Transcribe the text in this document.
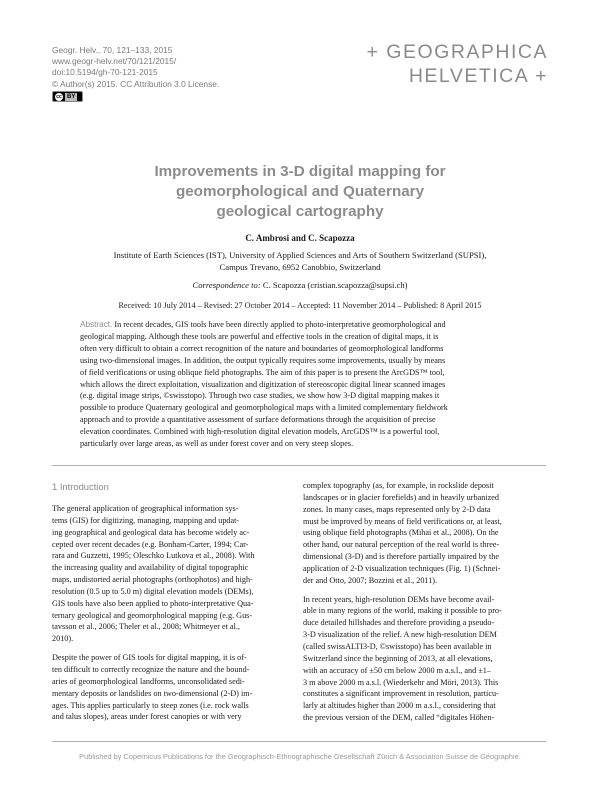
Geogr. Helv., 70, 121–133, 2015
www.geogr-helv.net/70/121/2015/
doi:10.5194/gh-70-121-2015
© Author(s) 2015. CC Attribution 3.0 License.
cc BY
+ GEOGRAPHICA
HELVETICA +
Improvements in 3-D digital mapping for
geomorphological and Quaternary
geological cartography
C. Ambrosi and C. Scapozza
Institute of Earth Sciences (IST), University of Applied Sciences and Arts of Southern Switzerland (SUPSI),
Campus Trevano, 6952 Canobbio, Switzerland
Correspondence to: C. Scapozza (cristian.scapozza@supsi.ch)
Received: 10 July 2014 – Revised: 27 October 2014 – Accepted: 11 November 2014 – Published: 8 April 2015
Abstract. In recent decades, GIS tools have been directly applied to photo-interpretative geomorphological and
geological mapping. Although these tools are powerful and effective tools in the creation of digital maps, it is
often very difficult to obtain a correct recognition of the nature and boundaries of geomorphological landforms
using two-dimensional images. In addition, the output typically requires some improvements, usually by means
of field verifications or using oblique field photographs. The aim of this paper is to present the ArcGDS™ tool,
which allows the direct exploitation, visualization and digitization of stereoscopic digital linear scanned images
(e.g. digital image strips, ©swisstopo). Through two case studies, we show how 3-D digital mapping makes it
possible to produce Quaternary geological and geomorphological maps with a limited complementary fieldwork
approach and to provide a quantitative assessment of surface deformations through the acquisition of precise
elevation coordinates. Combined with high-resolution digital elevation models, ArcGDS™ is a powerful tool,
particularly over large areas, as well as under forest cover and on very steep slopes.
1 Introduction
The general application of geographical information sys-
tems (GIS) for digitizing, managing, mapping and updat-
ing geographical and geological data has become widely ac-
cepted over recent decades (e.g. Bonham-Carter, 1994; Car-
rara and Guzzetti, 1995; Oleschko Lutkova et al., 2008). With
the increasing quality and availability of digital topographic
maps, undistorted aerial photographs (orthophotos) and high-
resolution (0.5 up to 5.0 m) digital elevation models (DEMs),
GIS tools have also been applied to photo-interpretative Qua-
ternary geological and geomorphological mapping (e.g. Gus-
tavsson et al., 2006; Theler et al., 2008; Whitmeyer et al.,
2010).
Despite the power of GIS tools for digital mapping, it is of-
ten difficult to correctly recognize the nature and the bound-
aries of geomorphological landforms, unconsolidated sedi-
mentary deposits or landslides on two-dimensional (2-D) im-
ages. This applies particularly to steep zones (i.e. rock walls
and talus slopes), areas under forest canopies or with very
complex topography (as, for example, in rockslide deposit
landscapes or in glacier forefields) and in heavily urbanized
zones. In many cases, maps represented only by 2-D data
must be improved by means of field verifications or, at least,
using oblique field photographs (Mihai et al., 2008). On the
other hand, our natural perception of the real world is three-
dimensional (3-D) and is therefore partially impaired by the
application of 2-D visualization techniques (Fig. 1) (Schnei-
der and Otto, 2007; Bozzini et al., 2011).
In recent years, high-resolution DEMs have become avail-
able in many regions of the world, making it possible to pro-
duce detailed hillshades and therefore providing a pseudo-
3-D visualization of the relief. A new high-resolution DEM
(called swissALTI3-D, ©swisstopo) has been available in
Switzerland since the beginning of 2013, at all elevations,
with an accuracy of ±50 cm below 2000 m a.s.l., and ±1–
3 m above 2000 m a.s.l. (Wiederkehr and Möri, 2013). This
constitutes a significant improvement in resolution, particu-
larly at altitudes higher than 2000 m a.s.l., considering that
the previous version of the DEM, called “digitales Höhen-
Published by Copernicus Publications for the Geographisch-Ethnographische Gesellschaft Zürich & Association Suisse de Géographie.
